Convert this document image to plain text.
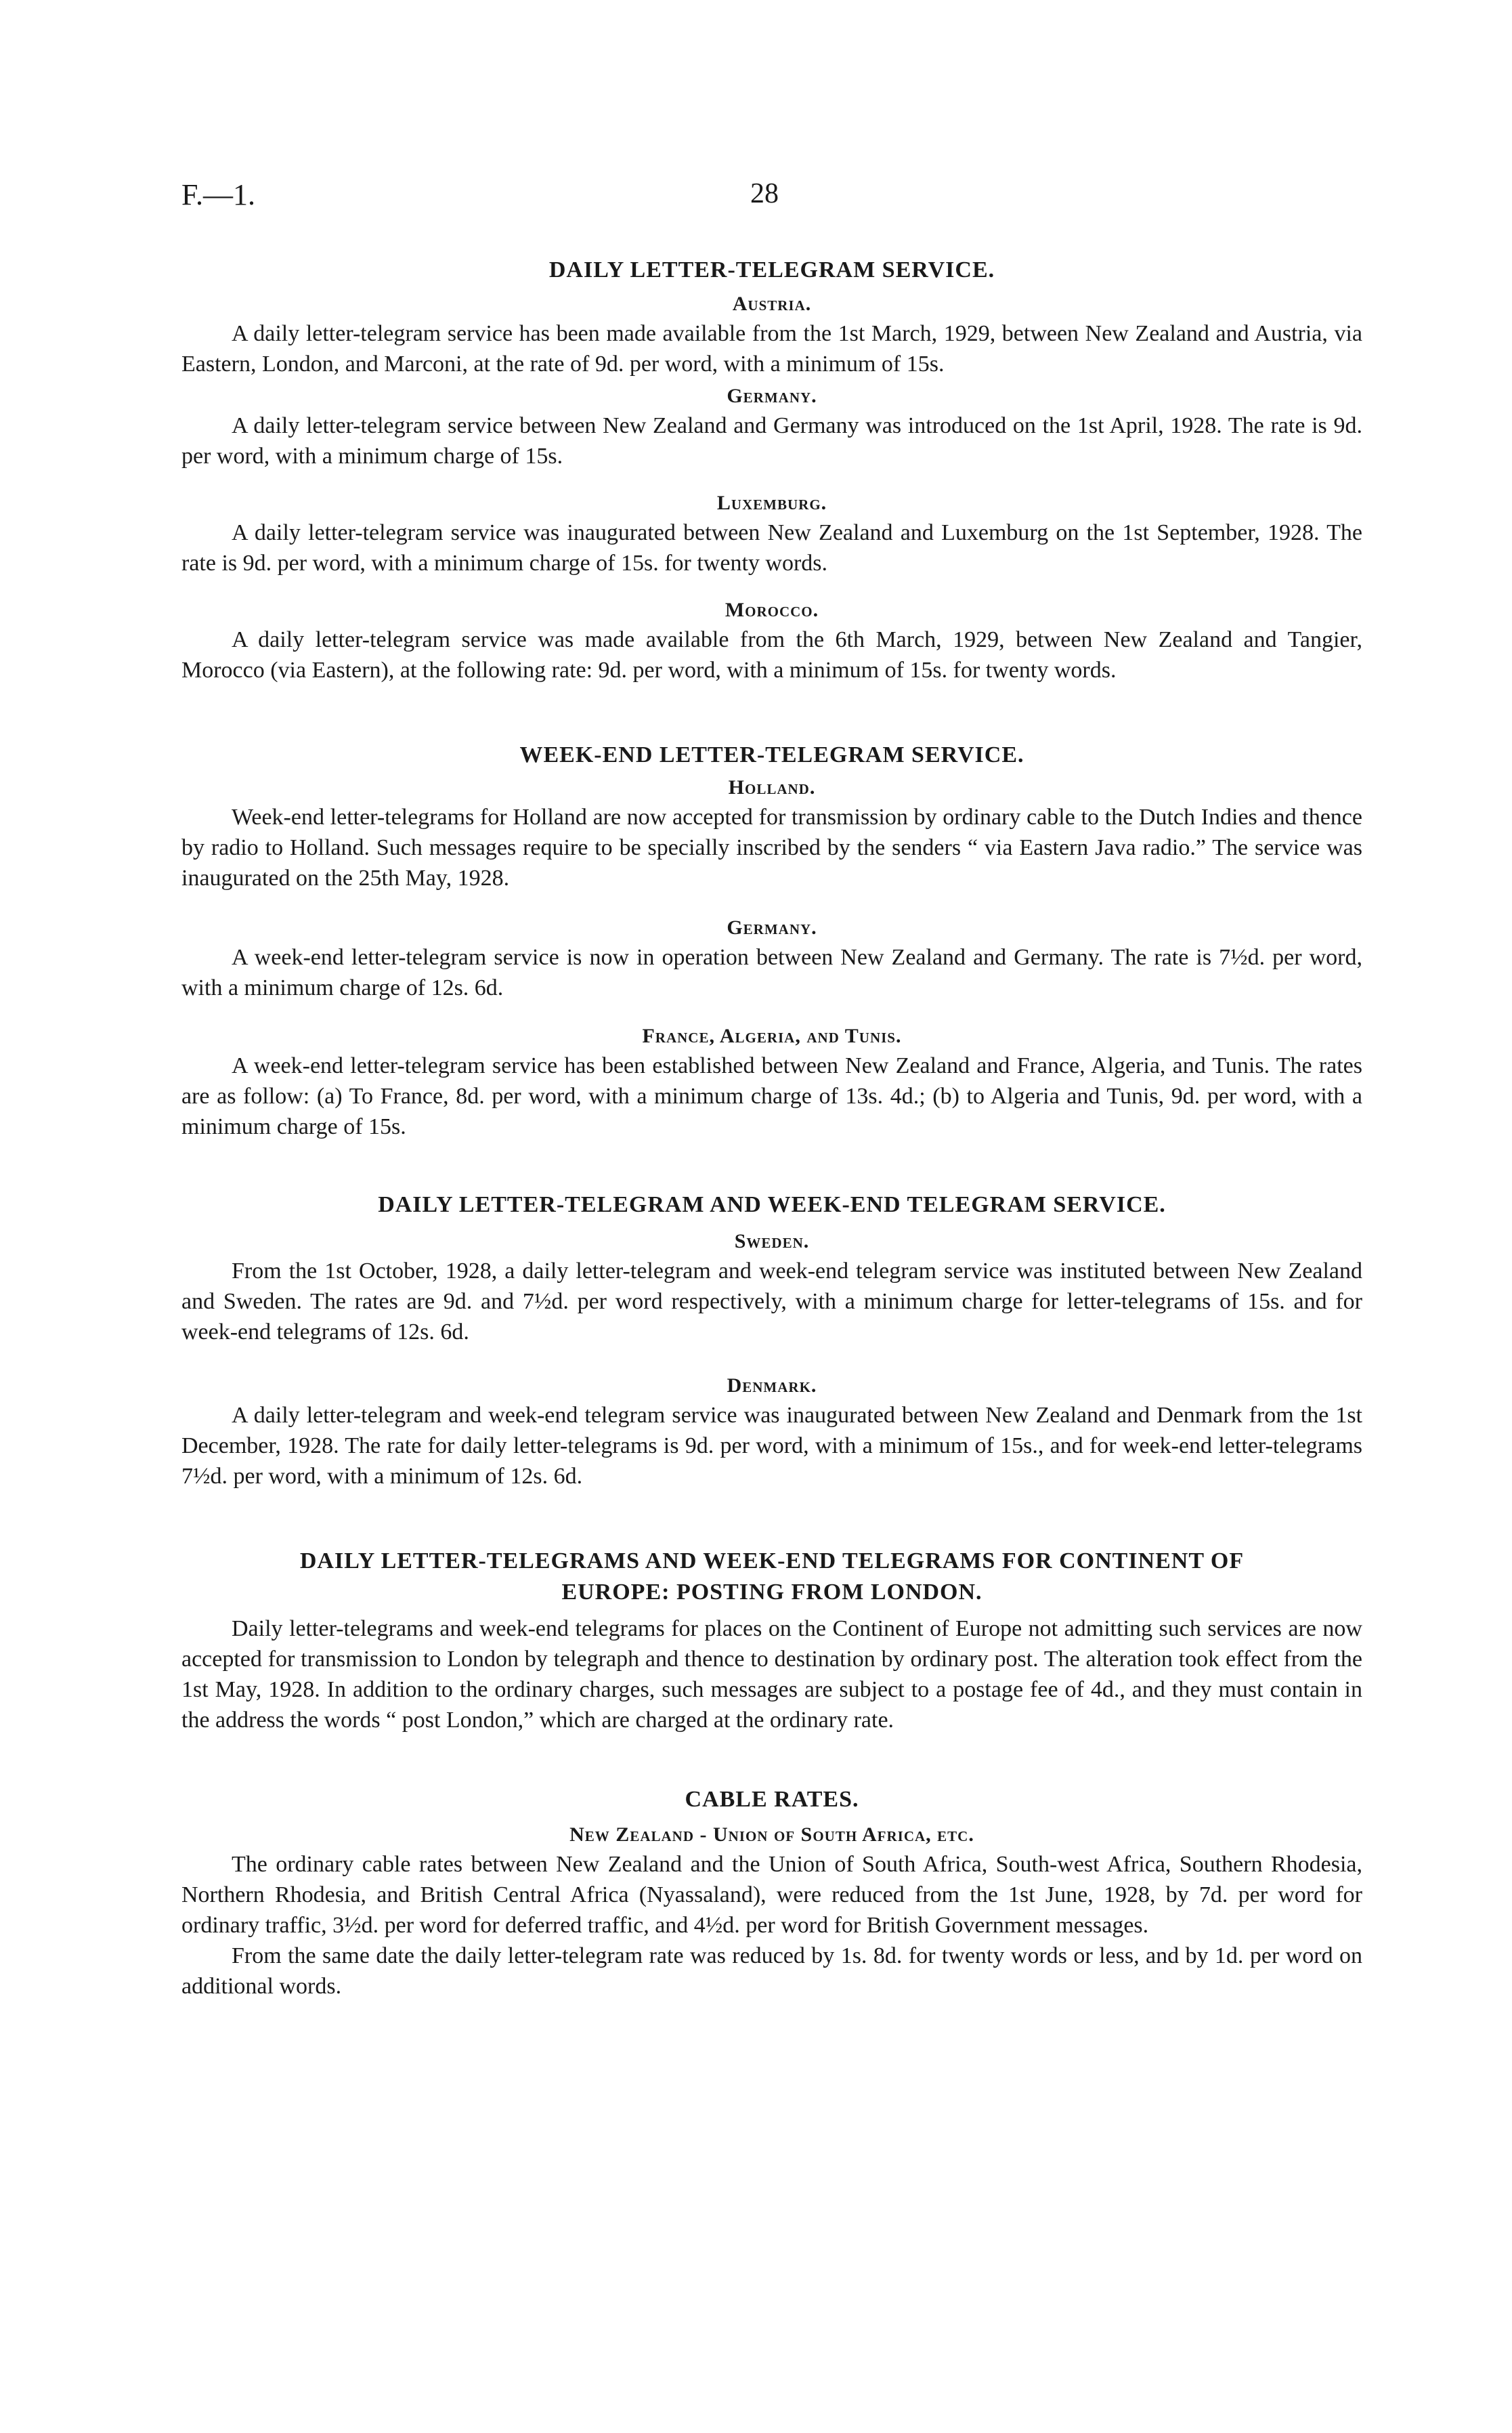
F.—1.	28
DAILY LETTER-TELEGRAM SERVICE.
Austria.

A daily letter-telegram service has been made available from the 1st March, 1929, between New Zealand and Austria, via Eastern, London, and Marconi, at the rate of 9d. per word, with a minimum of 15s.

Germany.

A daily letter-telegram service between New Zealand and Germany was introduced on the 1st April, 1928. The rate is 9d. per word, with a minimum charge of 15s.

Luxemburg.

A daily letter-telegram service was inaugurated between New Zealand and Luxemburg on the 1st September, 1928. The rate is 9d. per word, with a minimum charge of 15s. for twenty words.

Morocco.

A daily letter-telegram service was made available from the 6th March, 1929, between New Zealand and Tangier, Morocco (via Eastern), at the following rate: 9d. per word, with a minimum of 15s. for twenty words.

WEEK-END LETTER-TELEGRAM SERVICE.
Holland.

Week-end letter-telegrams for Holland are now accepted for transmission by ordinary cable to the Dutch Indies and thence by radio to Holland. Such messages require to be specially inscribed by the senders “ via Eastern Java radio.” The service was inaugurated on the 25th May, 1928.

Germany.

A week-end letter-telegram service is now in operation between New Zealand and Germany. The rate is 7½d. per word, with a minimum charge of 12s. 6d.

France, Algeria, and Tunis.

A week-end letter-telegram service has been established between New Zealand and France, Algeria, and Tunis. The rates are as follow: (a) To France, 8d. per word, with a minimum charge of 13s. 4d.; (b) to Algeria and Tunis, 9d. per word, with a minimum charge of 15s.

DAILY LETTER-TELEGRAM AND WEEK-END TELEGRAM SERVICE.
Sweden.

From the 1st October, 1928, a daily letter-telegram and week-end telegram service was instituted between New Zealand and Sweden. The rates are 9d. and 7½d. per word respectively, with a minimum charge for letter-telegrams of 15s. and for week-end telegrams of 12s. 6d.

Denmark.

A daily letter-telegram and week-end telegram service was inaugurated between New Zealand and Denmark from the 1st December, 1928. The rate for daily letter-telegrams is 9d. per word, with a minimum of 15s., and for week-end letter-telegrams 7½d. per word, with a minimum of 12s. 6d.

DAILY LETTER-TELEGRAMS AND WEEK-END TELEGRAMS FOR CONTINENT OF
EUROPE: POSTING FROM LONDON.

Daily letter-telegrams and week-end telegrams for places on the Continent of Europe not admitting such services are now accepted for transmission to London by telegraph and thence to destination by ordinary post. The alteration took effect from the 1st May, 1928. In addition to the ordinary charges, such messages are subject to a postage fee of 4d., and they must contain in the address the words “ post London,” which are charged at the ordinary rate.

CABLE RATES.
New Zealand - Union of South Africa, etc.

The ordinary cable rates between New Zealand and the Union of South Africa, South-west Africa, Southern Rhodesia, Northern Rhodesia, and British Central Africa (Nyassaland), were reduced from the 1st June, 1928, by 7d. per word for ordinary traffic, 3½d. per word for deferred traffic, and 4½d. per word for British Government messages.

From the same date the daily letter-telegram rate was reduced by 1s. 8d. for twenty words or less, and by 1d. per word on additional words.
